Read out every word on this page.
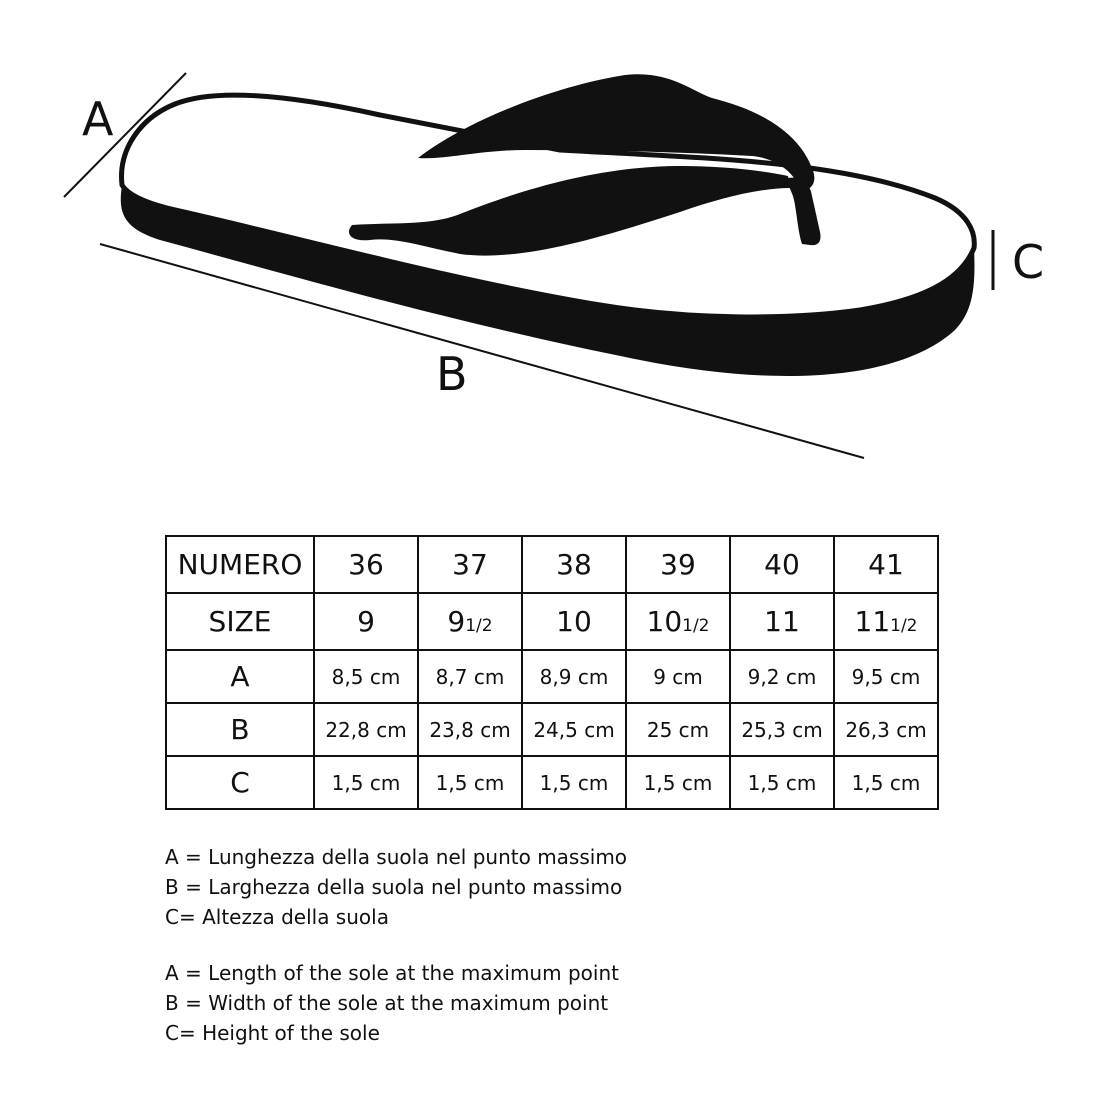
A
B
C
NUMERO	36	37	38	39	40	41
SIZE	9	91/2	10	101/2	11	111/2
A	8,5 cm	8,7 cm	8,9 cm	9 cm	9,2 cm	9,5 cm
B	22,8 cm	23,8 cm	24,5 cm	25 cm	25,3 cm	26,3 cm
C	1,5 cm	1,5 cm	1,5 cm	1,5 cm	1,5 cm	1,5 cm
A = Lunghezza della suola nel punto massimo
B = Larghezza della suola nel punto massimo
C= Altezza della suola
A = Length of the sole at the maximum point
B = Width of the sole at the maximum point
C= Height of the sole
